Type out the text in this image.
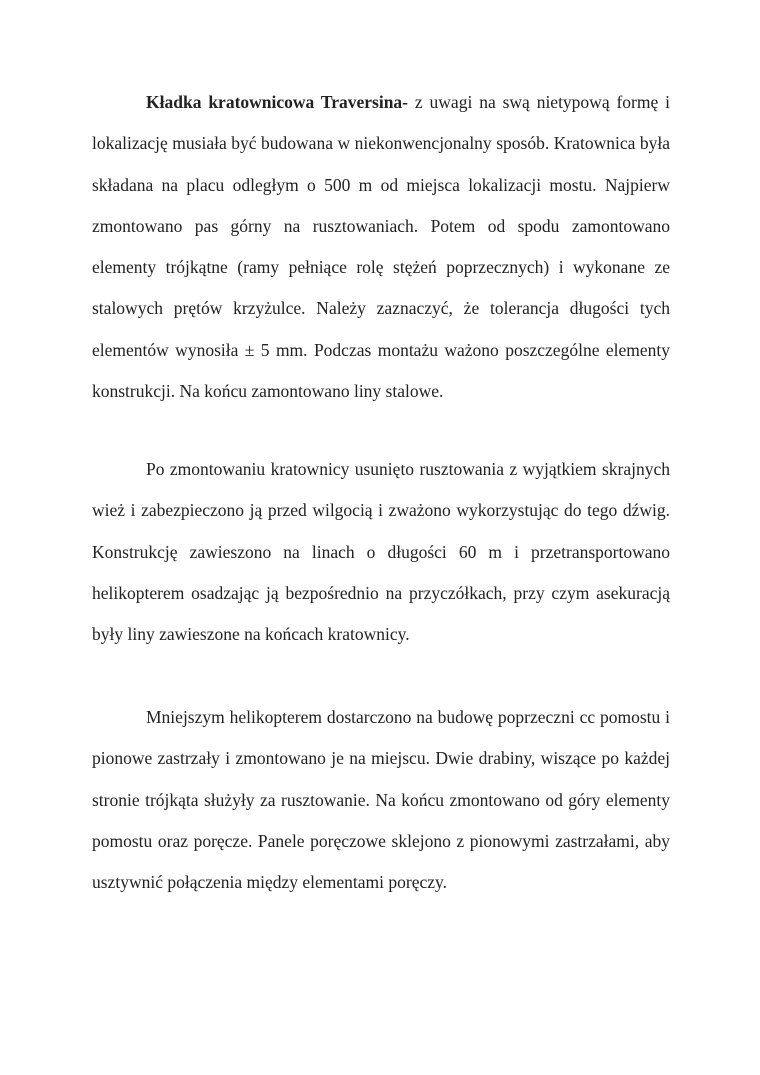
Kładka kratownicowa Traversina- z uwagi na swą nietypową formę i lokalizację musiała być budowana w niekonwencjonalny sposób. Kratownica była składana na placu odległym o 500 m od miejsca lokalizacji mostu. Najpierw zmontowano pas górny na rusztowaniach. Potem od spodu zamontowano elementy trójkątne (ramy pełniące rolę stężeń poprzecznych) i wykonane ze stalowych prętów krzyżulce. Należy zaznaczyć, że tolerancja długości tych elementów wynosiła ± 5 mm. Podczas montażu ważono poszczególne elementy konstrukcji. Na końcu zamontowano liny stalowe.

Po zmontowaniu kratownicy usunięto rusztowania z wyjątkiem skrajnych wież i zabezpieczono ją przed wilgocią i zważono wykorzystując do tego dźwig. Konstrukcję zawieszono na linach o długości 60 m i przetransportowano helikopterem osadzając ją bezpośrednio na przyczółkach, przy czym asekuracją były liny zawieszone na końcach kratownicy.

Mniejszym helikopterem dostarczono na budowę poprzeczni cc pomostu i pionowe zastrzały i zmontowano je na miejscu. Dwie drabiny, wiszące po każdej stronie trójkąta służyły za rusztowanie. Na końcu zmontowano od góry elementy pomostu oraz poręcze. Panele poręczowe sklejono z pionowymi zastrzałami, aby usztywnić połączenia między elementami poręczy.
